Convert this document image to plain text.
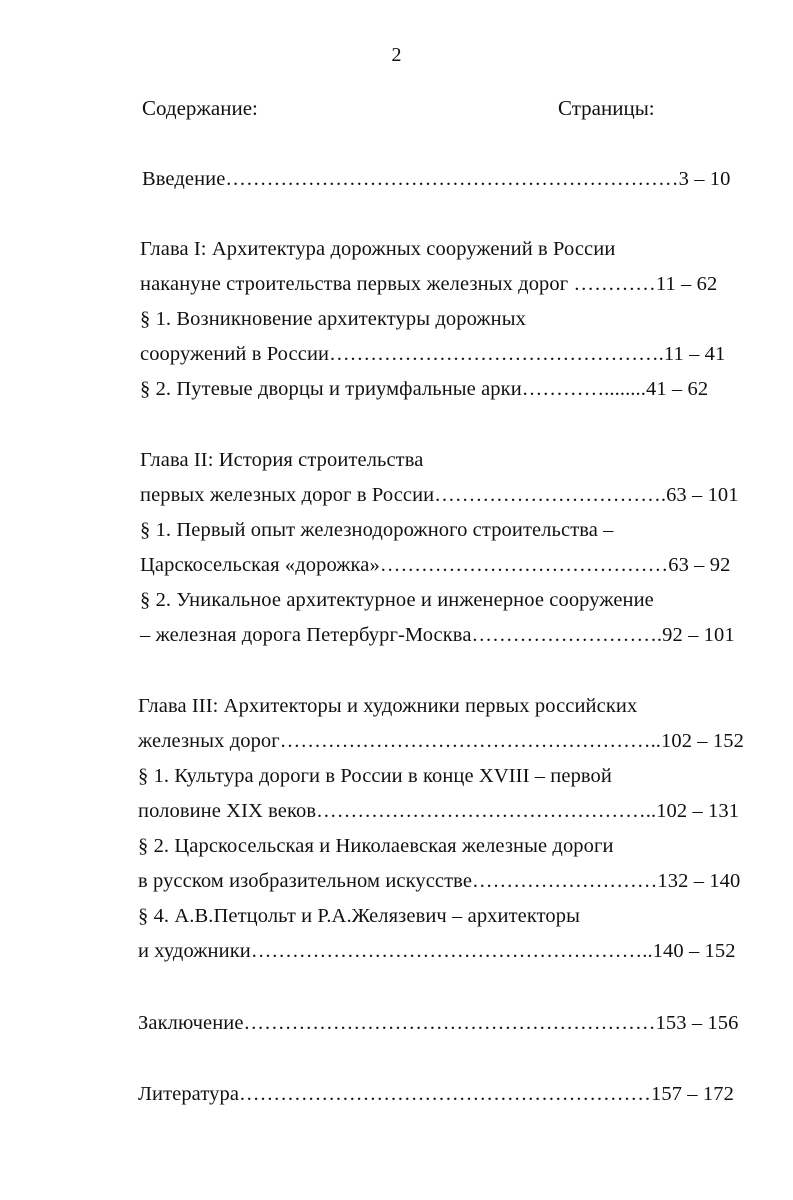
2
Содержание:	Страницы:
Введение…………………………………………………………3 – 10
Глава I: Архитектура дорожных сооружений в России
накануне строительства первых железных дорог …………11 – 62
§ 1. Возникновение архитектуры дорожных
сооружений в России………………………………………….11 – 41
§ 2. Путевые дворцы и триумфальные арки…………........41 – 62
Глава II: История строительства
первых железных дорог в России…………………………….63 – 101
§ 1. Первый опыт железнодорожного строительства –
Царскосельская «дорожка»……………………………………63 – 92
§ 2. Уникальное архитектурное и инженерное сооружение
– железная дорога Петербург-Москва……………………….92 – 101
Глава III: Архитекторы и художники первых российских
железных дорог………………………………………………..102 – 152
§ 1. Культура дороги в России в конце XVIII – первой
половине XIX веков…………………………………………..102 – 131
§ 2. Царскосельская и Николаевская железные дороги
в русском изобразительном искусстве………………………132 – 140
§ 4. А.В.Петцольт и Р.А.Желязевич – архитекторы
и художники…………………………………………………..140 – 152
Заключение……………………………………………………153 – 156
Литература……………………………………………………157 – 172
